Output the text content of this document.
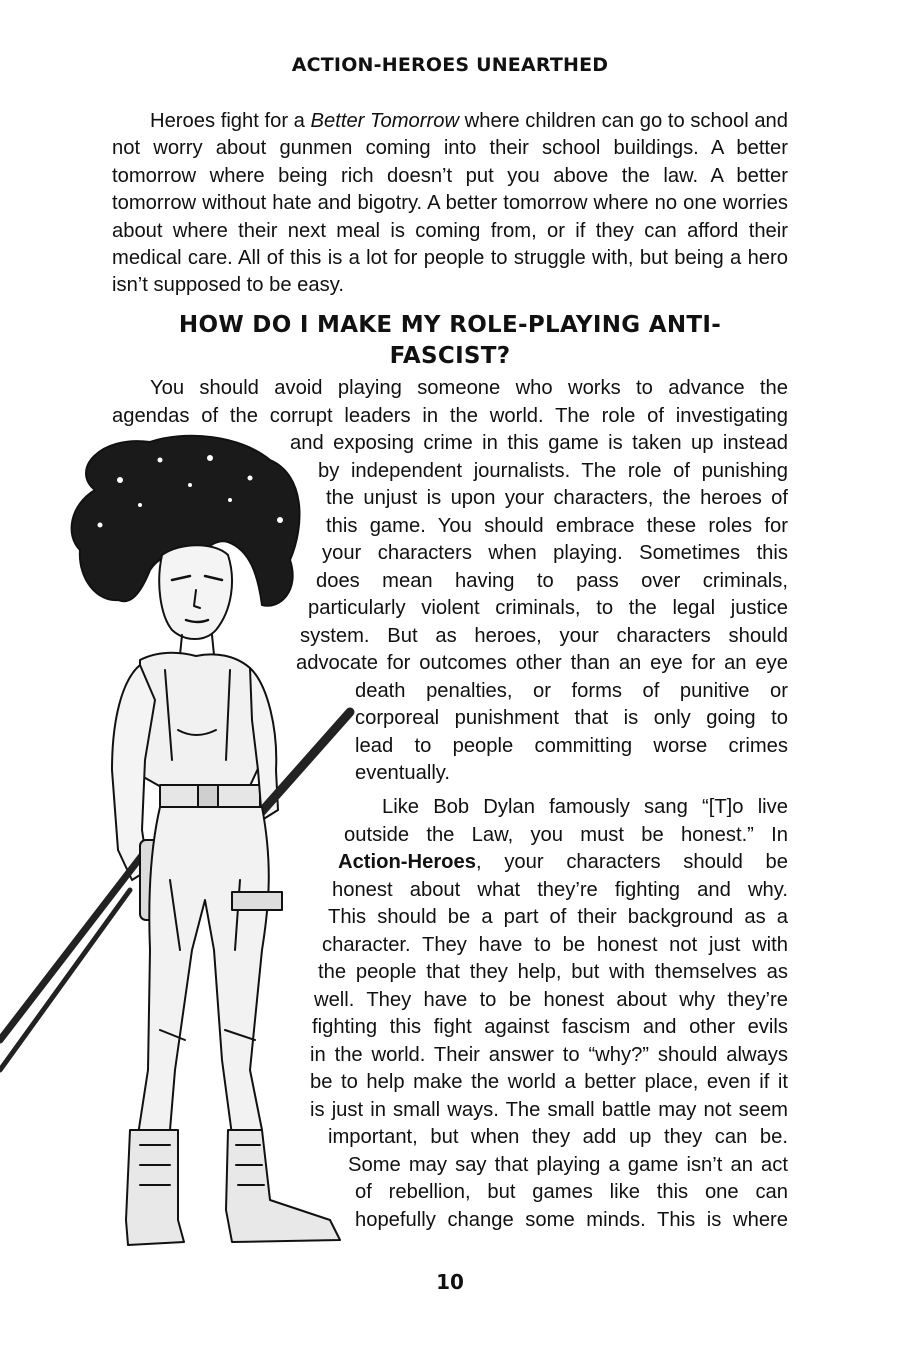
ACTION-HEROES UNEARTHED

Heroes fight for a Better Tomorrow where children can go to school and not worry about gunmen coming into their school buildings. A better tomorrow where being rich doesn’t put you above the law. A better tomorrow without hate and bigotry. A better tomorrow where no one worries about where their next meal is coming from, or if they can afford their medical care. All of this is a lot for people to struggle with, but being a hero isn’t supposed to be easy.

HOW DO I MAKE MY ROLE-PLAYING ANTI-
FASCIST?

You should avoid playing someone who works to advance the

agendas of the corrupt leaders in the world. The role of investigating

and exposing crime in this game is taken up instead

by independent journalists. The role of punishing

the unjust is upon your characters, the heroes of

this game. You should embrace these roles for

your characters when playing. Sometimes this

does mean having to pass over criminals,

particularly violent criminals, to the legal justice

system. But as heroes, your characters should

advocate for outcomes other than an eye for an eye

death penalties, or forms of punitive or

corporeal punishment that is only going to

lead to people committing worse crimes

eventually.

Like Bob Dylan famously sang “[T]o live

outside the Law, you must be honest.” In

Action-Heroes, your characters should be

honest about what they’re fighting and why.

This should be a part of their background as a

character. They have to be honest not just with

the people that they help, but with themselves as

well. They have to be honest about why they’re

fighting this fight against fascism and other evils

in the world. Their answer to “why?” should always

be to help make the world a better place, even if it

is just in small ways. The small battle may not seem

important, but when they add up they can be.

Some may say that playing a game isn’t an act

of rebellion, but games like this one can

hopefully change some minds. This is where

10
